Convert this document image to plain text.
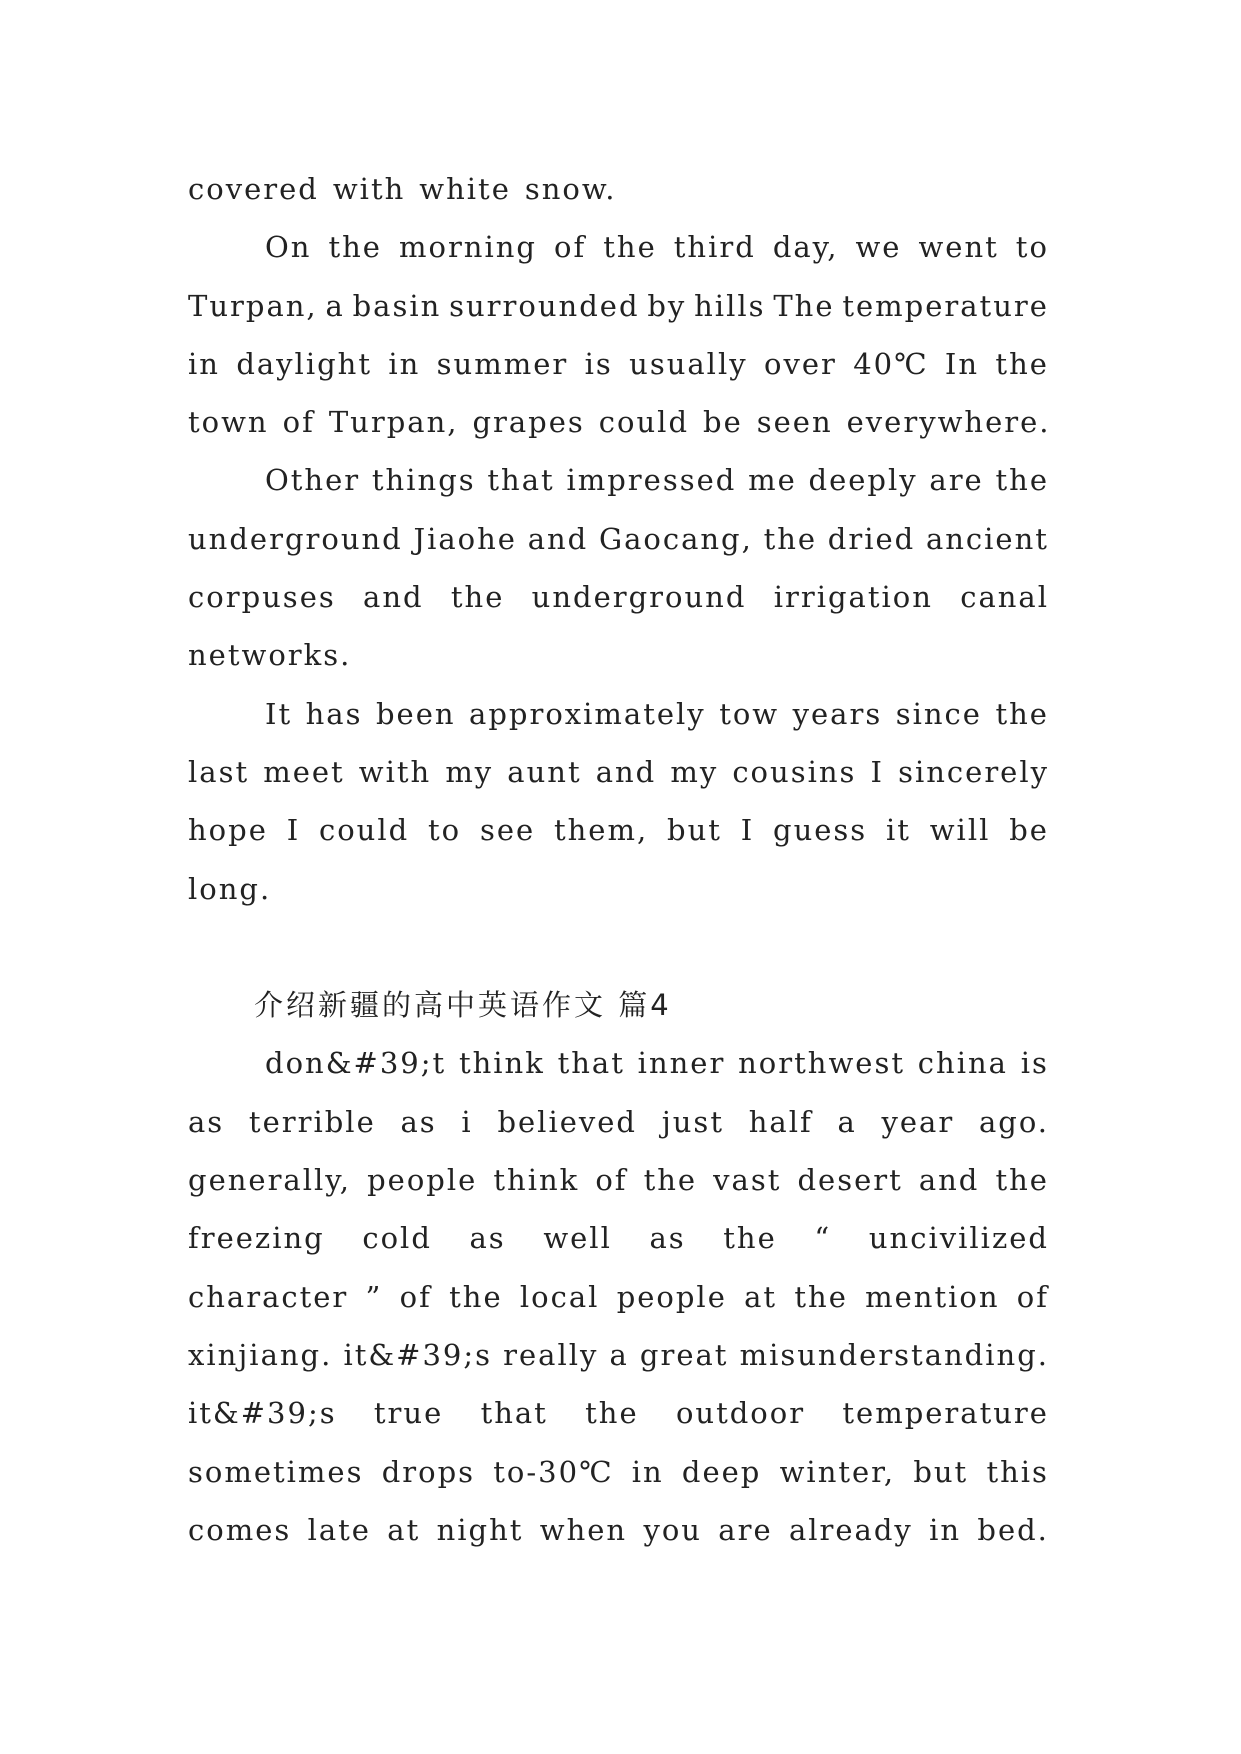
covered with white snow.
On the morning of the third day, we went to
Turpan, a basin surrounded by hills The temperature
in daylight in summer is usually over 40℃ In the
town of Turpan, grapes could be seen everywhere.
Other things that impressed me deeply are the
underground Jiaohe and Gaocang, the dried ancient
corpuses and the underground irrigation canal
networks.
It has been approximately tow years since the
last meet with my aunt and my cousins I sincerely
hope I could to see them, but I guess it will be
long.
介绍新疆的高中英语作文 篇4
don&#39;t think that inner northwest china is
as terrible as i believed just half a year ago.
generally, people think of the vast desert and the
freezing cold as well as the “ uncivilized
character ” of the local people at the mention of
xinjiang. it&#39;s really a great misunderstanding.
it&#39;s true that the outdoor temperature
sometimes drops to-30℃ in deep winter, but this
comes late at night when you are already in bed.
